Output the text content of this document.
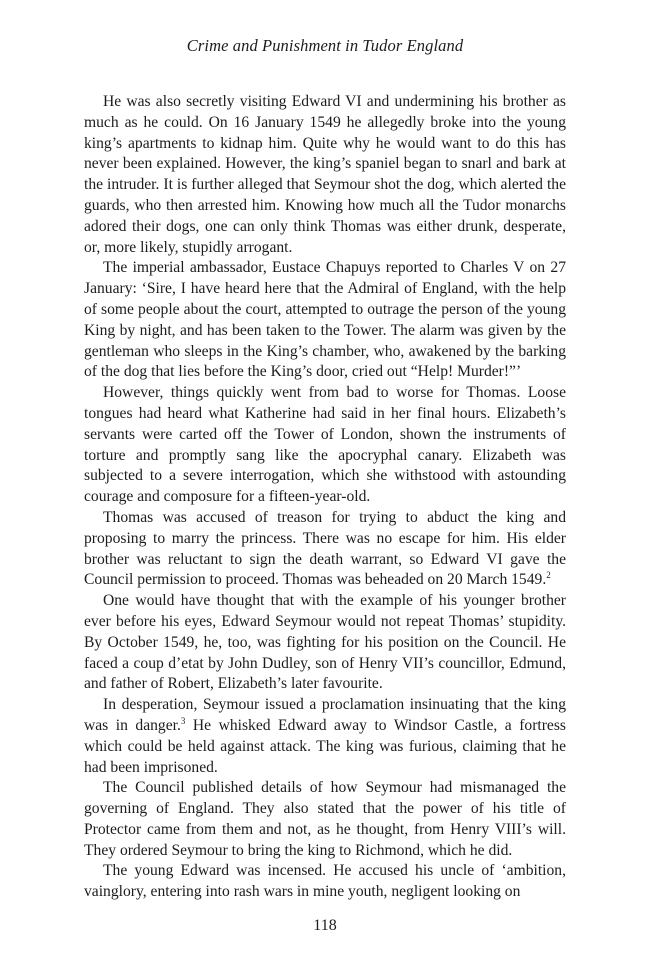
Crime and Punishment in Tudor England

He was also secretly visiting Edward VI and undermining his brother as much as he could. On 16 January 1549 he allegedly broke into the young king’s apartments to kidnap him. Quite why he would want to do this has never been explained. However, the king’s spaniel began to snarl and bark at the intruder. It is further alleged that Seymour shot the dog, which alerted the guards, who then arrested him. Knowing how much all the Tudor monarchs adored their dogs, one can only think Thomas was either drunk, desperate, or, more likely, stupidly arrogant.

The imperial ambassador, Eustace Chapuys reported to Charles V on 27 January: ‘Sire, I have heard here that the Admiral of England, with the help of some people about the court, attempted to outrage the person of the young King by night, and has been taken to the Tower. The alarm was given by the gentleman who sleeps in the King’s chamber, who, awakened by the barking of the dog that lies before the King’s door, cried out “Help! Murder!”’

However, things quickly went from bad to worse for Thomas. Loose tongues had heard what Katherine had said in her final hours. Elizabeth’s servants were carted off the Tower of London, shown the instruments of torture and promptly sang like the apocryphal canary. Elizabeth was subjected to a severe interrogation, which she withstood with astounding courage and composure for a fifteen-year-old.

Thomas was accused of treason for trying to abduct the king and proposing to marry the princess. There was no escape for him. His elder brother was reluctant to sign the death warrant, so Edward VI gave the Council permission to proceed. Thomas was beheaded on 20 March 1549.$^2$

One would have thought that with the example of his younger brother ever before his eyes, Edward Seymour would not repeat Thomas’ stupidity. By October 1549, he, too, was fighting for his position on the Council. He faced a coup d’etat by John Dudley, son of Henry VII’s councillor, Edmund, and father of Robert, Elizabeth’s later favourite.

In desperation, Seymour issued a proclamation insinuating that the king was in danger.$^3$ He whisked Edward away to Windsor Castle, a fortress which could be held against attack. The king was furious, claiming that he had been imprisoned.

The Council published details of how Seymour had mismanaged the governing of England. They also stated that the power of his title of Protector came from them and not, as he thought, from Henry VIII’s will. They ordered Seymour to bring the king to Richmond, which he did.

The young Edward was incensed. He accused his uncle of ‘ambition, vainglory, entering into rash wars in mine youth, negligent looking on

118
